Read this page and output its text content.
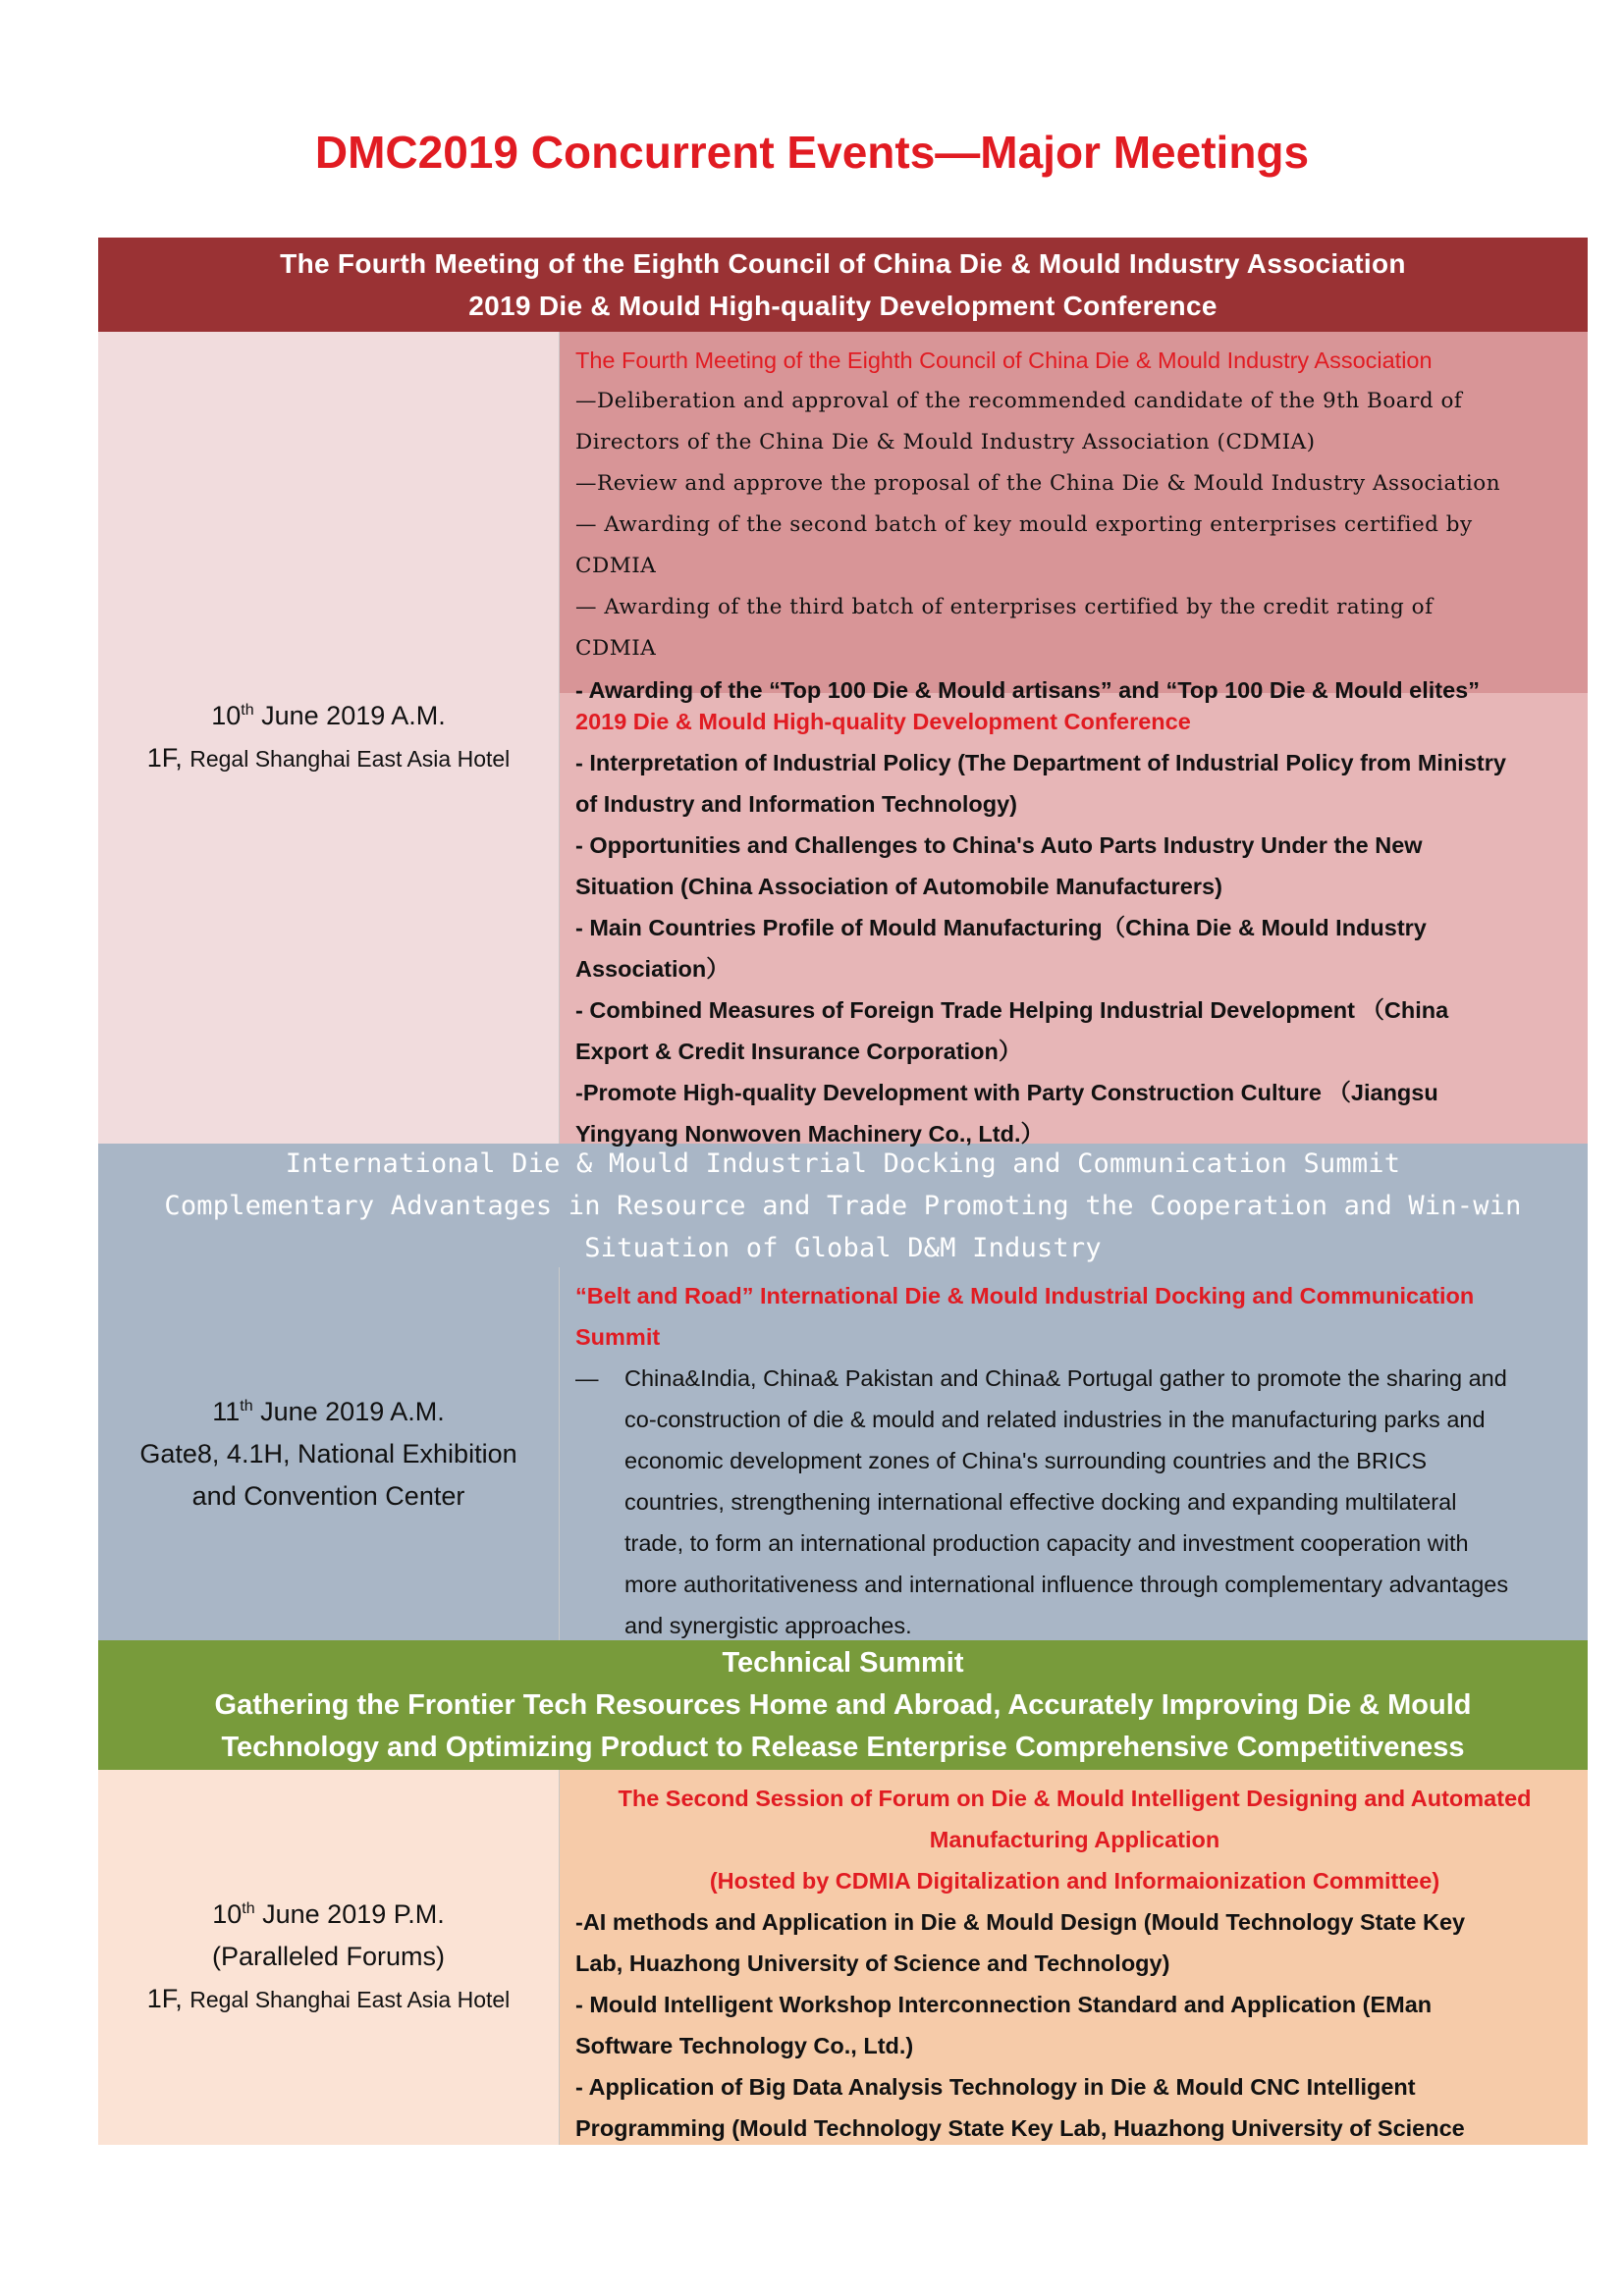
DMC2019 Concurrent Events—Major Meetings
The Fourth Meeting of the Eighth Council of China Die & Mould Industry Association
2019 Die & Mould High-quality Development Conference
10th June 2019 A.M.
1F, Regal Shanghai East Asia Hotel
The Fourth Meeting of the Eighth Council of China Die & Mould Industry Association
—Deliberation and approval of the recommended candidate of the 9th Board of
Directors of the China Die & Mould Industry Association (CDMIA)
—Review and approve the proposal of the China Die & Mould Industry Association
— Awarding of the second batch of key mould exporting enterprises certified by
CDMIA
— Awarding of the third batch of enterprises certified by the credit rating of
CDMIA
- Awarding of the “Top 100 Die & Mould artisans” and “Top 100 Die & Mould elites”
2019 Die & Mould High-quality Development Conference
- Interpretation of Industrial Policy (The Department of Industrial Policy from Ministry
of Industry and Information Technology)
- Opportunities and Challenges to China's Auto Parts Industry Under the New
Situation (China Association of Automobile Manufacturers)
- Main Countries Profile of Mould Manufacturing（China Die & Mould Industry
Association）
- Combined Measures of Foreign Trade Helping Industrial Development （China
Export & Credit Insurance Corporation）
-Promote High-quality Development with Party Construction Culture （Jiangsu
Yingyang Nonwoven Machinery Co., Ltd.）
International Die & Mould Industrial Docking and Communication Summit
Complementary Advantages in Resource and Trade Promoting the Cooperation and Win-win
Situation of Global D&M Industry
11th June 2019 A.M.
Gate8, 4.1H, National Exhibition
and Convention Center
“Belt and Road” International Die & Mould Industrial Docking and Communication
Summit
—	China&India, China& Pakistan and China& Portugal gather to promote the sharing and
co-construction of die & mould and related industries in the manufacturing parks and
economic development zones of China's surrounding countries and the BRICS
countries, strengthening international effective docking and expanding multilateral
trade, to form an international production capacity and investment cooperation with
more authoritativeness and international influence through complementary advantages
and synergistic approaches.
Technical Summit
Gathering the Frontier Tech Resources Home and Abroad, Accurately Improving Die & Mould
Technology and Optimizing Product to Release Enterprise Comprehensive Competitiveness
10th June 2019 P.M.
(Paralleled Forums)
1F, Regal Shanghai East Asia Hotel
The Second Session of Forum on Die & Mould Intelligent Designing and Automated
Manufacturing Application
(Hosted by CDMIA Digitalization and Informaionization Committee)
-AI methods and Application in Die & Mould Design (Mould Technology State Key
Lab, Huazhong University of Science and Technology)
- Mould Intelligent Workshop Interconnection Standard and Application (EMan
Software Technology Co., Ltd.)
- Application of Big Data Analysis Technology in Die & Mould CNC Intelligent
Programming (Mould Technology State Key Lab, Huazhong University of Science
